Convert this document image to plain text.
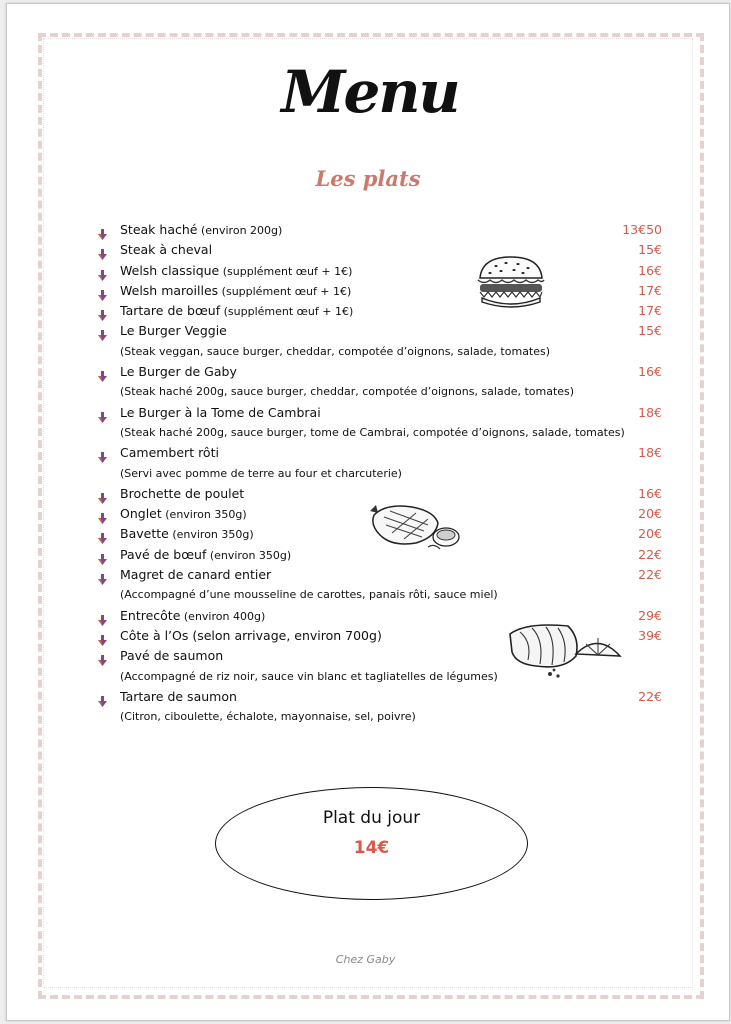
Menu
Les plats
Steak haché (environ 200g)	13€50
Steak à cheval	15€
Welsh classique (supplément œuf + 1€)	16€
Welsh maroilles (supplément œuf + 1€)	17€
Tartare de bœuf (supplément œuf + 1€)	17€
Le Burger Veggie	15€
(Steak veggan, sauce burger, cheddar, compotée d’oignons, salade, tomates)
Le Burger de Gaby	16€
(Steak haché 200g, sauce burger, cheddar, compotée d’oignons, salade, tomates)
Le Burger à la Tome de Cambrai	18€
(Steak haché 200g, sauce burger, tome de Cambrai, compotée d’oignons, salade, tomates)
Camembert rôti	18€
(Servi avec pomme de terre au four et charcuterie)
Brochette de poulet	16€
Onglet (environ 350g)	20€
Bavette (environ 350g)	20€
Pavé de bœuf (environ 350g)	22€
Magret de canard entier	22€
(Accompagné d’une mousseline de carottes, panais rôti, sauce miel)
Entrecôte (environ 400g)	29€
Côte à l’Os (selon arrivage, environ 700g)	39€
Pavé de saumon
(Accompagné de riz noir, sauce vin blanc et tagliatelles de légumes)
Tartare de saumon	22€
(Citron, ciboulette, échalote, mayonnaise, sel, poivre)
Plat du jour
14€
Chez Gaby
